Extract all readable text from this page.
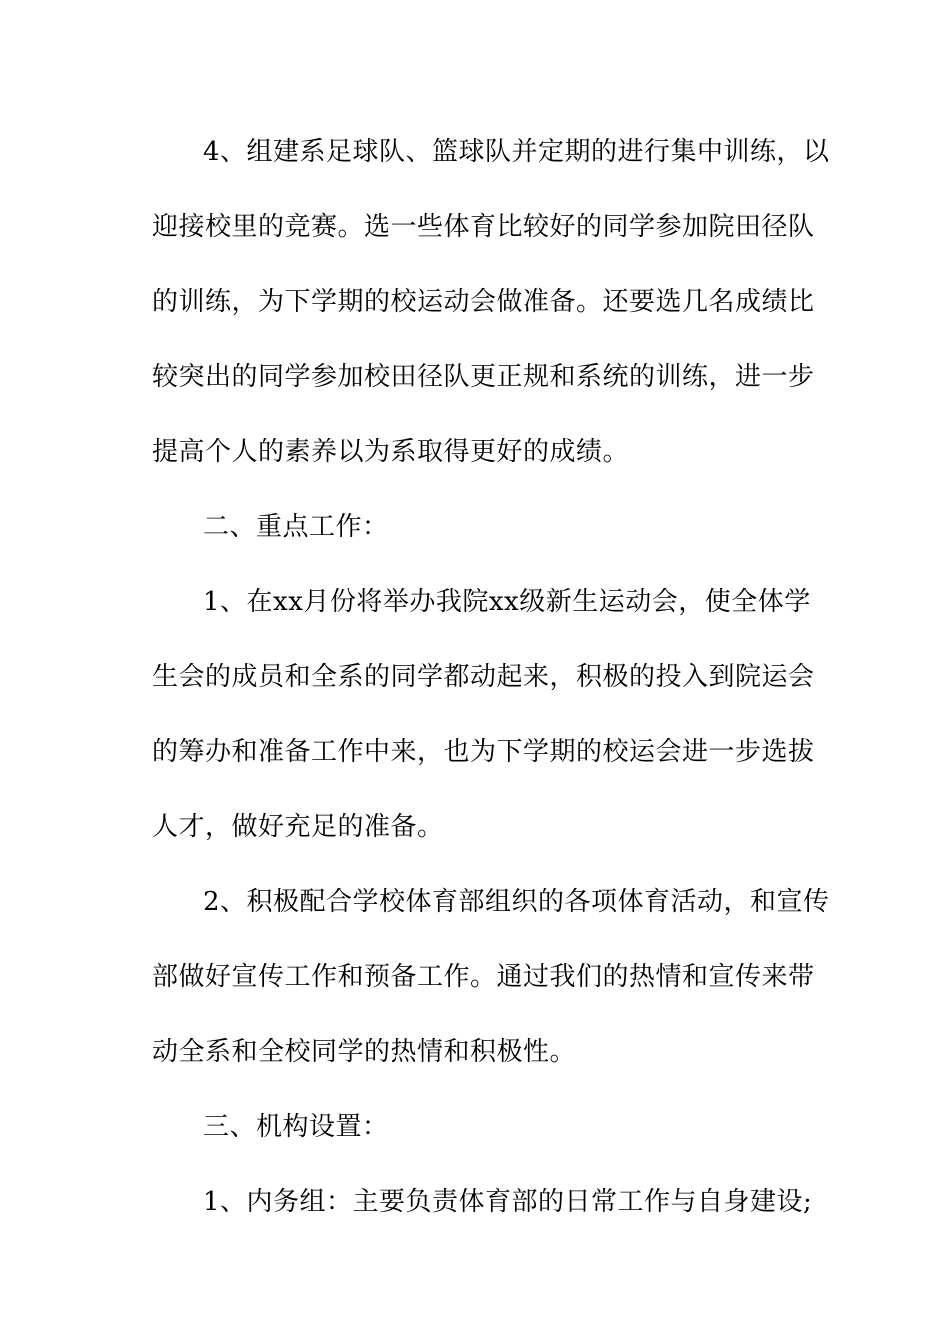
4、组建系足球队、篮球队并定期的进行集中训练，以
迎接校里的竞赛。选一些体育比较好的同学参加院田径队
的训练，为下学期的校运动会做准备。还要选几名成绩比
较突出的同学参加校田径队更正规和系统的训练，进一步
提高个人的素养以为系取得更好的成绩。
二、重点工作：
1、在xx月份将举办我院xx级新生运动会，使全体学
生会的成员和全系的同学都动起来，积极的投入到院运会
的筹办和准备工作中来，也为下学期的校运会进一步选拔
人才，做好充足的准备。
2、积极配合学校体育部组织的各项体育活动，和宣传
部做好宣传工作和预备工作。通过我们的热情和宣传来带
动全系和全校同学的热情和积极性。
三、机构设置：
1、内务组：主要负责体育部的日常工作与自身建设;
